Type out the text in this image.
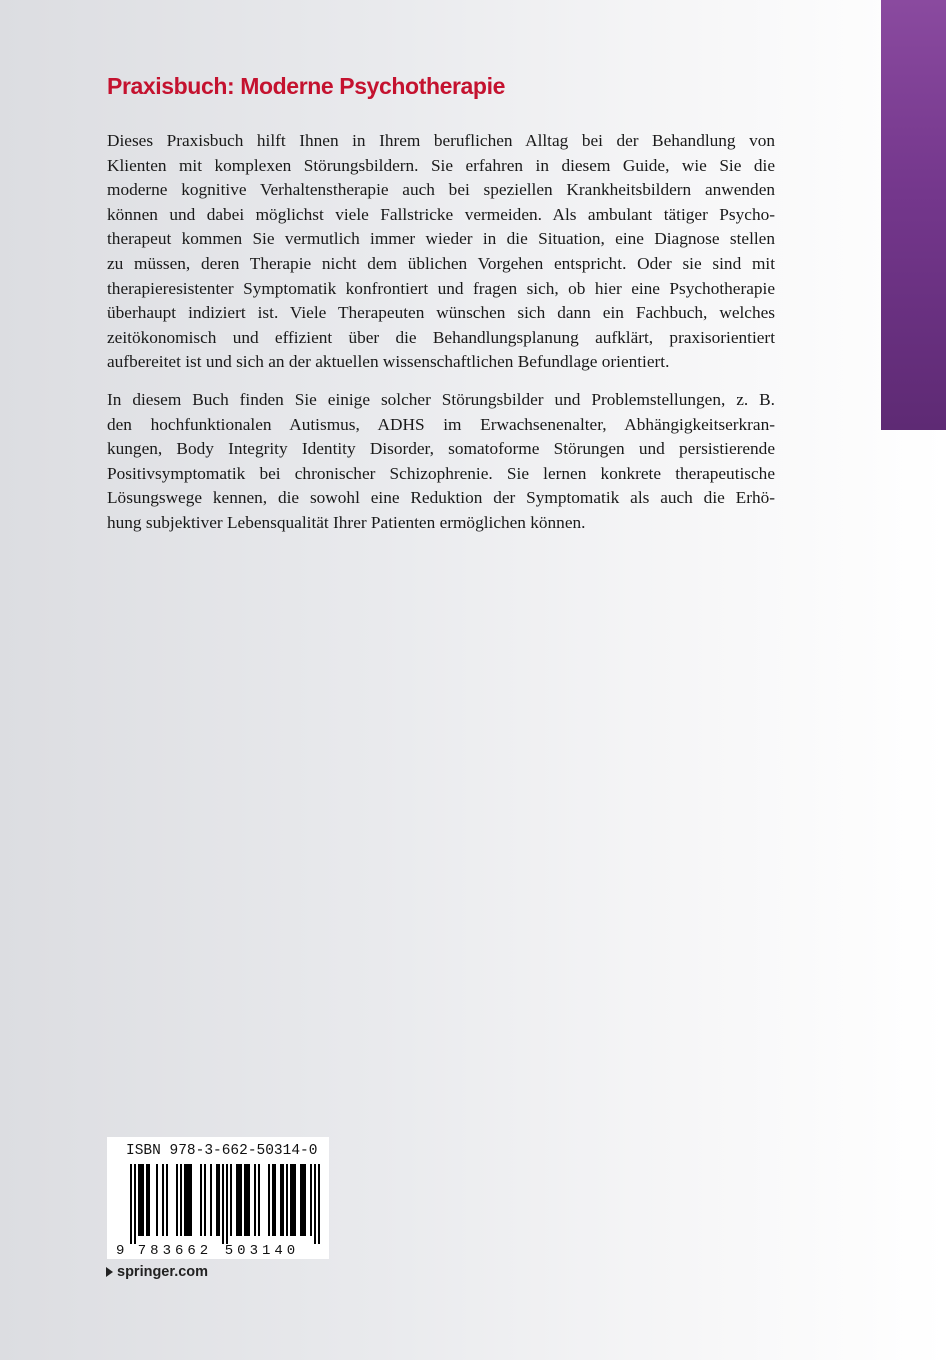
Praxisbuch: Moderne Psychotherapie
Dieses Praxisbuch hilft Ihnen in Ihrem beruflichen Alltag bei der Behandlung von
Klienten mit komplexen Störungsbildern. Sie erfahren in diesem Guide, wie Sie die
moderne kognitive Verhaltenstherapie auch bei speziellen Krankheitsbildern anwenden
können und dabei möglichst viele Fallstricke vermeiden. Als ambulant tätiger Psycho-
therapeut kommen Sie vermutlich immer wieder in die Situation, eine Diagnose stellen
zu müssen, deren Therapie nicht dem üblichen Vorgehen entspricht. Oder sie sind mit
therapieresistenter Symptomatik konfrontiert und fragen sich, ob hier eine Psychotherapie
überhaupt indiziert ist. Viele Therapeuten wünschen sich dann ein Fachbuch, welches
zeitökonomisch und effizient über die Behandlungsplanung aufklärt, praxisorientiert
aufbereitet ist und sich an der aktuellen wissenschaftlichen Befundlage orientiert.
In diesem Buch finden Sie einige solcher Störungsbilder und Problemstellungen, z. B.
den hochfunktionalen Autismus, ADHS im Erwachsenenalter, Abhängigkeitserkran-
kungen, Body Integrity Identity Disorder, somatoforme Störungen und persistierende
Positivsymptomatik bei chronischer Schizophrenie. Sie lernen konkrete therapeutische
Lösungswege kennen, die sowohl eine Reduktion der Symptomatik als auch die Erhö-
hung subjektiver Lebensqualität Ihrer Patienten ermöglichen können.
9 783662 503140
ISBN 978-3-662-50314-0
springer.com
